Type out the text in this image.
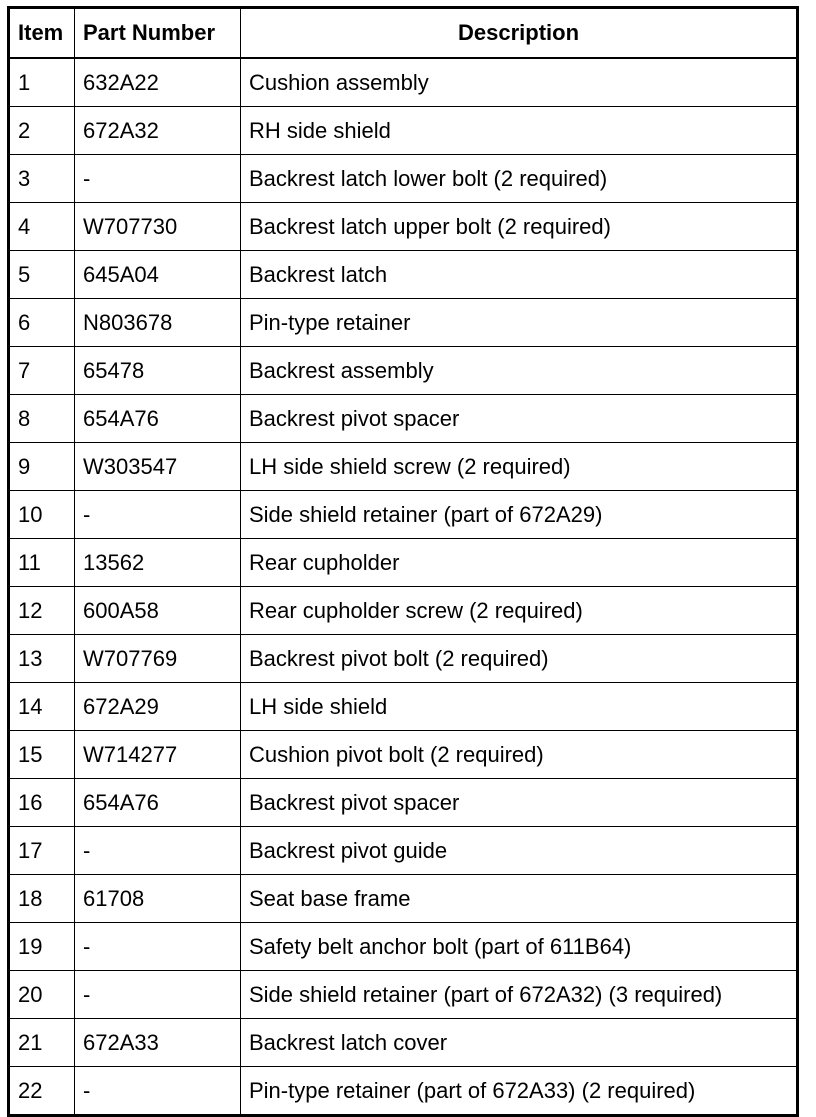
Item	Part Number	Description
1	632A22	Cushion assembly
2	672A32	RH side shield
3	-	Backrest latch lower bolt (2 required)
4	W707730	Backrest latch upper bolt (2 required)
5	645A04	Backrest latch
6	N803678	Pin-type retainer
7	65478	Backrest assembly
8	654A76	Backrest pivot spacer
9	W303547	LH side shield screw (2 required)
10	-	Side shield retainer (part of 672A29)
11	13562	Rear cupholder
12	600A58	Rear cupholder screw (2 required)
13	W707769	Backrest pivot bolt (2 required)
14	672A29	LH side shield
15	W714277	Cushion pivot bolt (2 required)
16	654A76	Backrest pivot spacer
17	-	Backrest pivot guide
18	61708	Seat base frame
19	-	Safety belt anchor bolt (part of 611B64)
20	-	Side shield retainer (part of 672A32) (3 required)
21	672A33	Backrest latch cover
22	-	Pin-type retainer (part of 672A33) (2 required)
